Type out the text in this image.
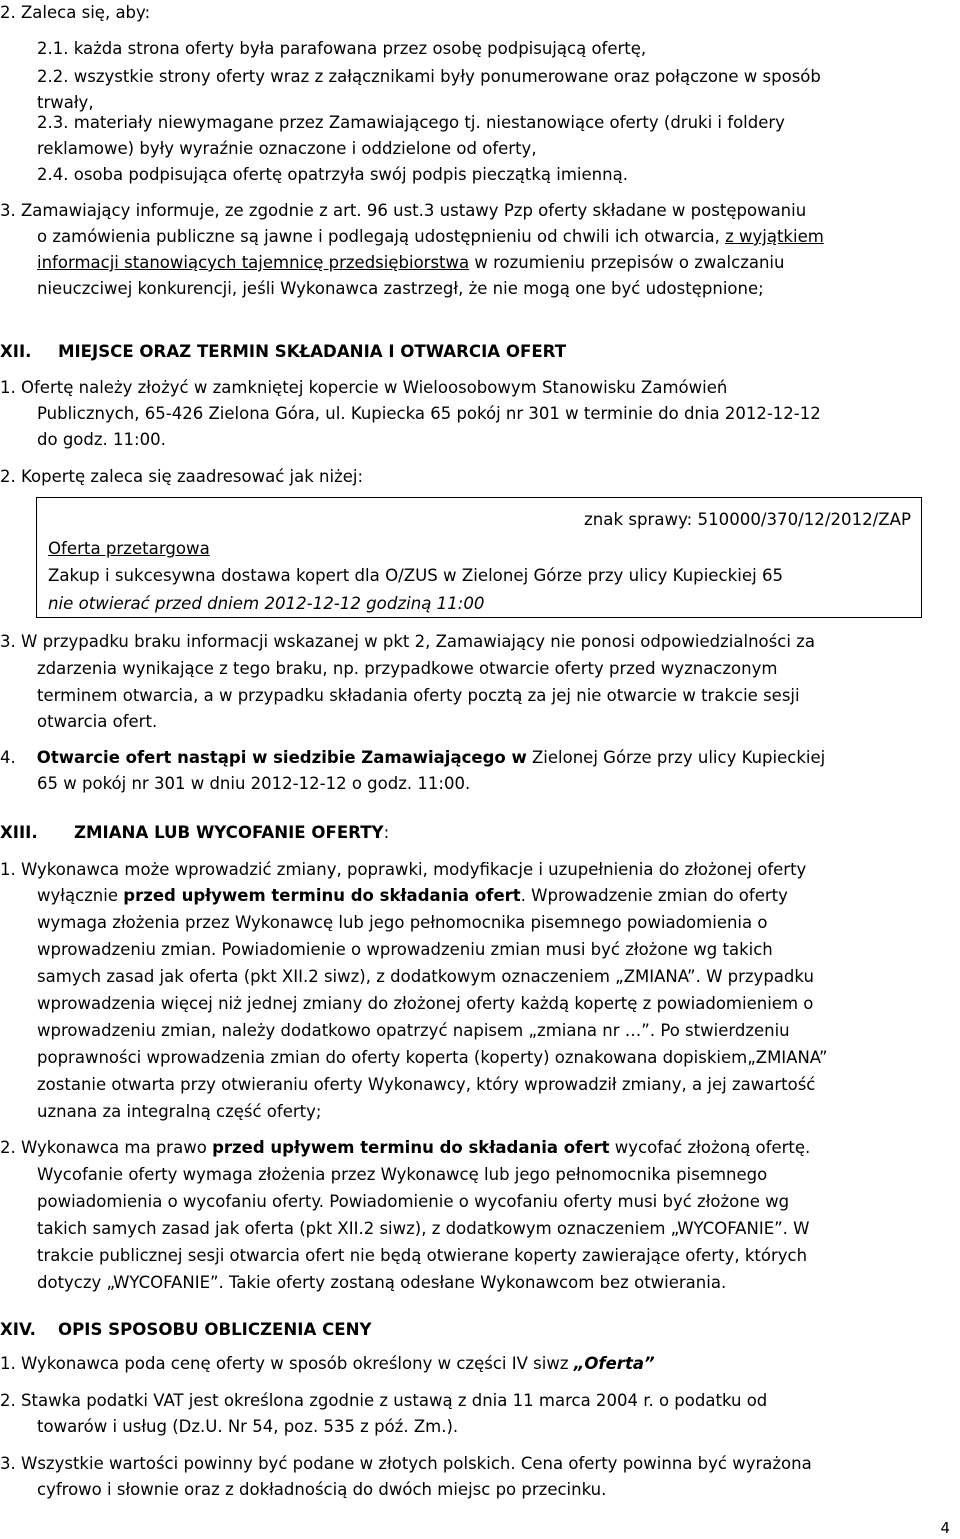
2. Zaleca się, aby:
2.1. każda strona oferty była parafowana przez osobę podpisującą ofertę,
2.2. wszystkie strony oferty wraz z załącznikami były ponumerowane oraz połączone w sposób
trwały,
2.3. materiały niewymagane przez Zamawiającego tj. niestanowiące oferty (druki i foldery
reklamowe) były wyraźnie oznaczone i oddzielone od oferty,
2.4. osoba podpisująca ofertę opatrzyła swój podpis pieczątką imienną.
3. Zamawiający informuje, ze zgodnie z art. 96 ust.3 ustawy Pzp oferty składane w postępowaniu
o zamówienia publiczne są jawne i podlegają udostępnieniu od chwili ich otwarcia, z wyjątkiem
informacji stanowiących tajemnicę przedsiębiorstwa w rozumieniu przepisów o zwalczaniu
nieuczciwej konkurencji, jeśli Wykonawca zastrzegł, że nie mogą one być udostępnione;
XII. MIEJSCE ORAZ TERMIN SKŁADANIA I OTWARCIA OFERT
1. Ofertę należy złożyć w zamkniętej kopercie w Wieloosobowym Stanowisku Zamówień
Publicznych, 65-426 Zielona Góra, ul. Kupiecka 65 pokój nr 301 w terminie do dnia 2012-12-12
do godz. 11:00.
2. Kopertę zaleca się zaadresować jak niżej:
znak sprawy: 510000/370/12/2012/ZAP
Oferta przetargowa
Zakup i sukcesywna dostawa kopert dla O/ZUS w Zielonej Górze przy ulicy Kupieckiej 65
nie otwierać przed dniem 2012-12-12 godziną 11:00
3. W przypadku braku informacji wskazanej w pkt 2, Zamawiający nie ponosi odpowiedzialności za
zdarzenia wynikające z tego braku, np. przypadkowe otwarcie oferty przed wyznaczonym
terminem otwarcia, a w przypadku składania oferty pocztą za jej nie otwarcie w trakcie sesji
otwarcia ofert.
4. Otwarcie ofert nastąpi w siedzibie Zamawiającego w Zielonej Górze przy ulicy Kupieckiej
65 w pokój nr 301 w dniu 2012-12-12 o godz. 11:00.
XIII. ZMIANA LUB WYCOFANIE OFERTY:
1. Wykonawca może wprowadzić zmiany, poprawki, modyfikacje i uzupełnienia do złożonej oferty
wyłącznie przed upływem terminu do składania ofert. Wprowadzenie zmian do oferty
wymaga złożenia przez Wykonawcę lub jego pełnomocnika pisemnego powiadomienia o
wprowadzeniu zmian. Powiadomienie o wprowadzeniu zmian musi być złożone wg takich
samych zasad jak oferta (pkt XII.2 siwz), z dodatkowym oznaczeniem „ZMIANA”. W przypadku
wprowadzenia więcej niż jednej zmiany do złożonej oferty każdą kopertę z powiadomieniem o
wprowadzeniu zmian, należy dodatkowo opatrzyć napisem „zmiana nr …”. Po stwierdzeniu
poprawności wprowadzenia zmian do oferty koperta (koperty) oznakowana dopiskiem„ZMIANA”
zostanie otwarta przy otwieraniu oferty Wykonawcy, który wprowadził zmiany, a jej zawartość
uznana za integralną część oferty;
2. Wykonawca ma prawo przed upływem terminu do składania ofert wycofać złożoną ofertę.
Wycofanie oferty wymaga złożenia przez Wykonawcę lub jego pełnomocnika pisemnego
powiadomienia o wycofaniu oferty. Powiadomienie o wycofaniu oferty musi być złożone wg
takich samych zasad jak oferta (pkt XII.2 siwz), z dodatkowym oznaczeniem „WYCOFANIE”. W
trakcie publicznej sesji otwarcia ofert nie będą otwierane koperty zawierające oferty, których
dotyczy „WYCOFANIE”. Takie oferty zostaną odesłane Wykonawcom bez otwierania.
XIV. OPIS SPOSOBU OBLICZENIA CENY
1. Wykonawca poda cenę oferty w sposób określony w części IV siwz „Oferta”
2. Stawka podatki VAT jest określona zgodnie z ustawą z dnia 11 marca 2004 r. o podatku od
towarów i usług (Dz.U. Nr 54, poz. 535 z póź. Zm.).
3. Wszystkie wartości powinny być podane w złotych polskich. Cena oferty powinna być wyrażona
cyfrowo i słownie oraz z dokładnością do dwóch miejsc po przecinku.
4
